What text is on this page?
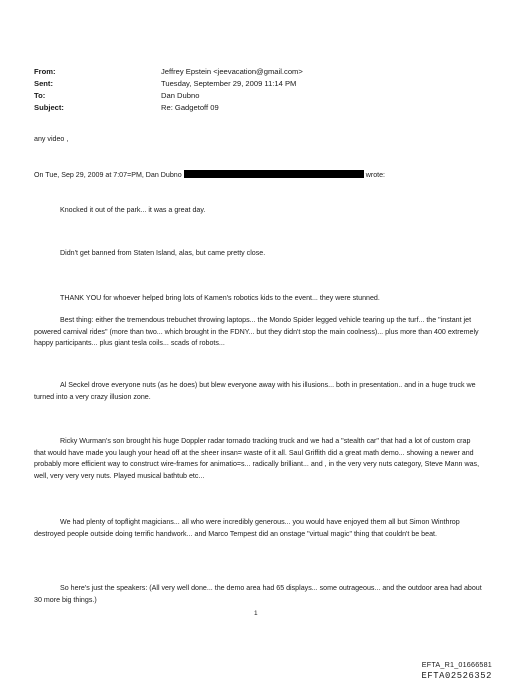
From:	Jeffrey Epstein <jeevacation@gmail.com>
Sent:	Tuesday, September 29, 2009 11:14 PM
To:	Dan Dubno
Subject:	Re: Gadgetoff 09

any video ,

On Tue, Sep 29, 2009 at 7:07=PM, Dan Dubno	wrote:

Knocked it out of the park... it was a great day.

Didn't get banned from Staten Island, alas, but came pretty close.

THANK YOU for whoever helped bring lots of Kamen's robotics kids to the event... they were stunned.

Best thing: either the tremendous trebuchet throwing laptops... the Mondo Spider legged vehicle tearing up the turf... the "instant jet powered carnival rides" (more than two... which brought in the FDNY... but they didn't stop the main coolness)... plus more than 400 extremely happy participants... plus giant tesla coils... scads of robots...

Al Seckel drove everyone nuts (as he does) but blew everyone away with his illusions... both in presentation.. and in a huge truck we turned into a very crazy illusion zone.

Ricky Wurman's son brought his huge Doppler radar tornado tracking truck and we had a "stealth car" that had a lot of custom crap that would have made you laugh your head off at the sheer insan= waste of it all. Saul Griffith did a great math demo... showing a newer and probably more efficient way to construct wire-frames for animatio=s... radically brilliant... and , in the very very nuts category, Steve Mann was, well, very very very nuts. Played musical bathtub etc...

We had plenty of topflight magicians... all who were incredibly generous... you would have enjoyed them all but Simon Winthrop destroyed people outside doing terrific handwork... and Marco Tempest did an onstage "virtual magic" thing that couldn't be beat.

So here's just the speakers: (All very well done... the demo area had 65 displays... some outrageous... and the outdoor area had about 30 more big things.)

1
EFTA_R1_01666581
EFTA02526352
